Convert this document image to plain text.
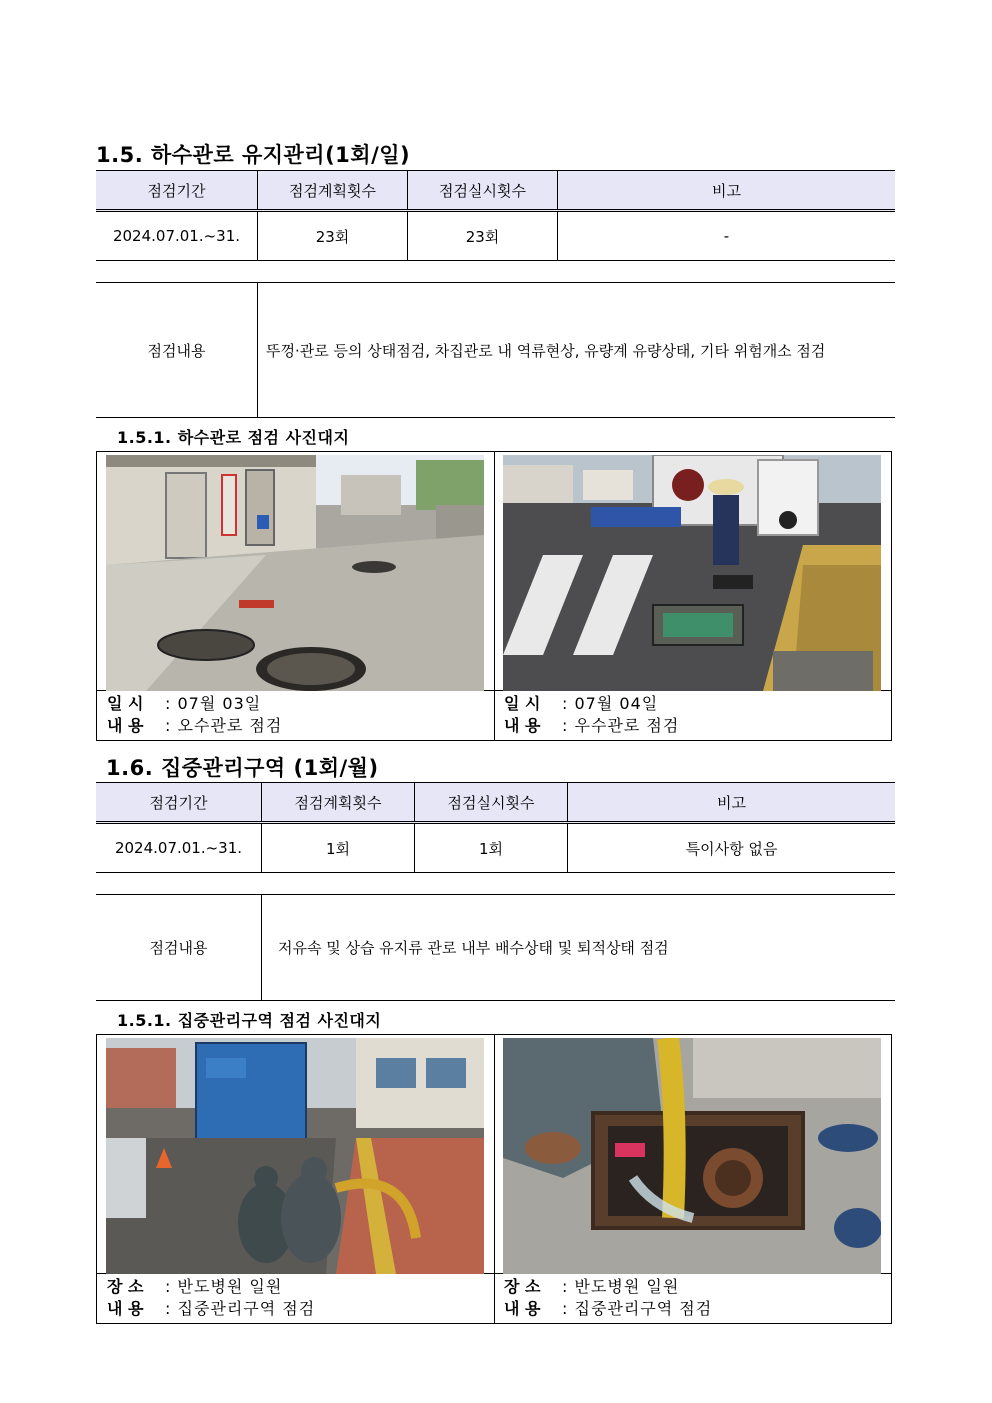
1.5. 하수관로 유지관리(1회/일)
점검기간	점검계획횟수	점검실시횟수	비고
2024.07.01.~31.	23회	23회	-
점검내용	뚜껑·관로 등의 상태점검, 차집관로 내 역류현상, 유량계 유량상태, 기타 위험개소 점검
1.5.1. 하수관로 점검 사진대지
일 시 : 07월 03일
내 용 : 오수관로 점검
일 시 : 07월 04일
내 용 : 우수관로 점검
1.6. 집중관리구역 (1회/월)
점검기간	점검계획횟수	점검실시횟수	비고
2024.07.01.~31.	1회	1회	특이사항 없음
점검내용	저유속 및 상습 유지류 관로 내부 배수상태 및 퇴적상태 점검
1.5.1. 집중관리구역 점검 사진대지
장 소 : 반도병원 일원
내 용 : 집중관리구역 점검
장 소 : 반도병원 일원
내 용 : 집중관리구역 점검
